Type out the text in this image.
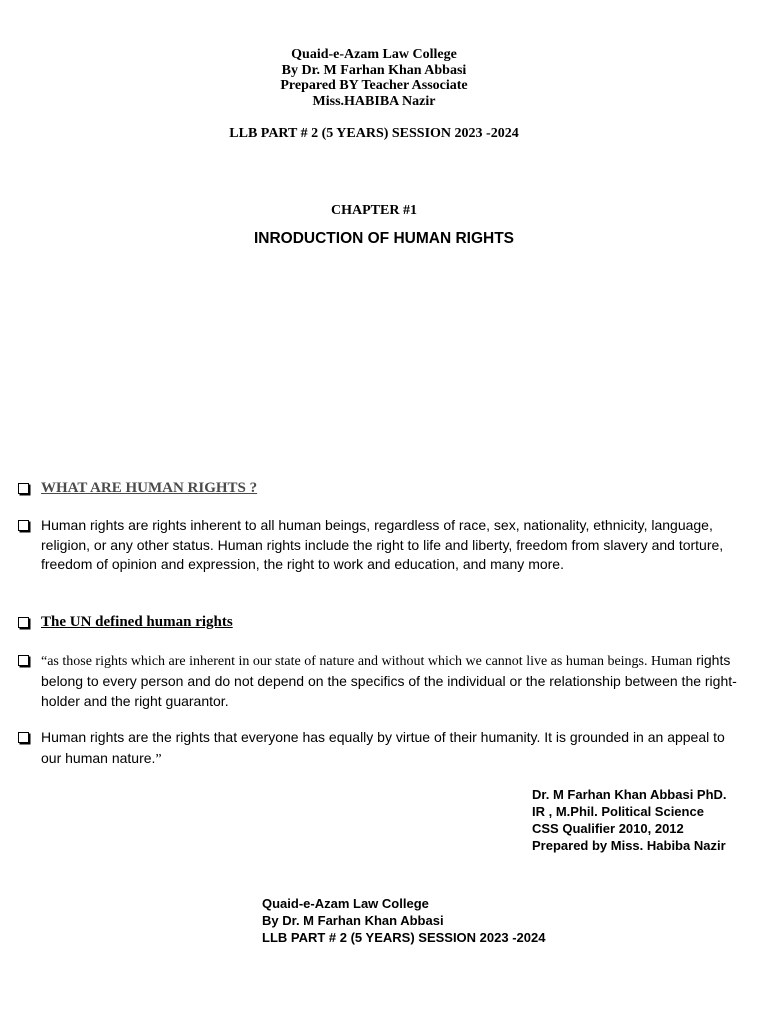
Quaid-e-Azam Law College
By Dr. M Farhan Khan Abbasi
Prepared BY Teacher Associate
Miss.HABIBA Nazir
LLB PART # 2 (5 YEARS) SESSION 2023 -2024
CHAPTER #1
INRODUCTION OF HUMAN RIGHTS
WHAT ARE HUMAN RIGHTS ?
Human rights are rights inherent to all human beings, regardless of race, sex, nationality, ethnicity, language, religion, or any other status. Human rights include the right to life and liberty, freedom from slavery and torture, freedom of opinion and expression, the right to work and education, and many more.
The UN defined human rights
“as those rights which are inherent in our state of nature and without which we cannot live as human beings. Human rights belong to every person and do not depend on the specifics of the individual or the relationship between the right-holder and the right guarantor.
Human rights are the rights that everyone has equally by virtue of their humanity. It is grounded in an appeal to our human nature.”
Dr. M Farhan Khan Abbasi PhD.
IR , M.Phil. Political Science
CSS Qualifier 2010, 2012
Prepared by Miss. Habiba Nazir
Quaid-e-Azam Law College
By Dr. M Farhan Khan Abbasi
LLB PART # 2 (5 YEARS) SESSION 2023 -2024
